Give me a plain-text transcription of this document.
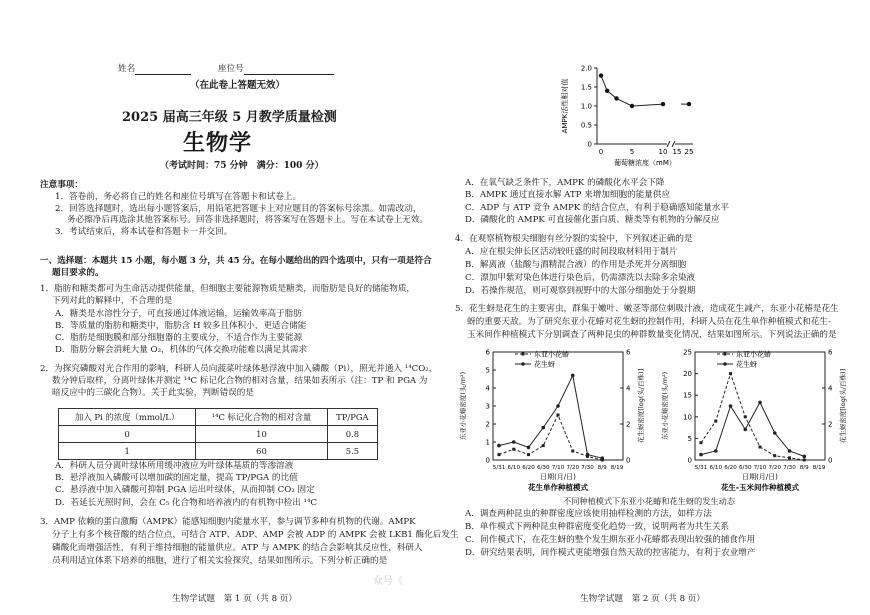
姓名	座位号
（在此卷上答题无效）
2025 届高三年级 5 月教学质量检测
生物学
（考试时间：75 分钟　满分：100 分）
注意事项：
1．答卷前，务必将自己的姓名和座位号填写在答题卡和试卷上。
2．回答选择题时，选出每小题答案后，用铅笔把答题卡上对应题目的答案标号涂黑。如需改动，
务必擦净后再选涂其他答案标号。回答非选择题时，将答案写在答题卡上。写在本试卷上无效。
3．考试结束后，将本试卷和答题卡一并交回。
一、选择题：本题共 15 小题，每小题 3 分，共 45 分。在每小题给出的四个选项中，只有一项是符合
题目要求的。
1．脂肪和糖类都可为生命活动提供能量，但细胞主要能源物质是糖类，而脂肪是良好的储能物质，
下列对此的解释中，不合理的是
A．糖类是水溶性分子，可直接通过体液运输，运输效率高于脂肪
B．等质量的脂肪和糖类中，脂肪含 H 较多且体积小，更适合储能
C．脂肪是细胞膜和部分细胞器的主要成分，不适合作为主要能源
D．脂肪分解会消耗大量 O₂，机体的气体交换功能难以满足其需求
2．为探究磷酸对光合作用的影响，科研人员向菠菜叶绿体悬浮液中加入磷酸（Pi），照光并通入 ¹⁴CO₂，
数分钟后取样，分离叶绿体并测定 ¹⁴C 标记化合物的相对含量，结果如表所示（注：TP 和 PGA 为
暗反应中的三碳化合物）。关于此实验，判断错误的是
加入 Pi 的浓度（mmol/L）	¹⁴C 标记化合物的相对含量	TP/PGA
0	10	0.8
1	60	5.5
A．科研人员分离叶绿体所用缓冲液应为叶绿体基质的等渗溶液
B．悬浮液加入磷酸可以增加碳的固定量，提高 TP/PGA 的比值
C．悬浮液中加入磷酸可抑制 PGA 运出叶绿体，从而抑制 CO₂ 固定
D．若延长光照时间，会在 C₅ 化合物和培养液内的有机物中检出 ¹⁴C
3．AMP 依赖的蛋白激酶（AMPK）能感知细胞内能量水平，参与调节多种有机物的代谢。AMPK
分子上有多个核苷酸的结合位点，可结合 ATP、ADP、AMP 会被 ADP 的 AMPK 会被 LKB1 酶化后发生
磷酸化而增强活性，有利于维持细胞的能量供应。ATP 与 AMPK 的结合会影响其反应性，科研人
员利用适宜体系下培养的细胞，进行了相关实验探究，结果如图所示。下列分析正确的是
生物学试题　第 1 页（共 8 页）
0
0.5
1.0
1.5
2.0
0	5	10 15 25
葡萄糖浓度（mM）
AMPK活性相对值
A．在氧气缺乏条件下，AMPK 的磷酸化水平会下降
B．AMPK 通过直接水解 ATP 来增加细胞的能量供应
C．ADP 与 ATP 竞争 AMPK 的结合位点，有利于稳确感知能量水平
D．磷酸化的 AMPK 可直接催化蛋白质、糖类等有机物的分解反应
4．在观察植物根尖细胞有丝分裂的实验中，下列叙述正确的是
A．应在根尖伸长区活动较旺盛的时间段取材料用于制片
B．解离液（盐酸与酒精混合液）的作用是杀死并分离细胞
C．漂加甲紫对染色体进行染色后，仍需漂洗以去除多余染液
D．若操作规范，则可观察到视野中的大部分细胞处于分裂期
5．花生蚜是花生的主要害虫，群集于嫩叶、嫩茎等部位刺吸汁液，造成花生减产，东亚小花椿是花生
蚜的重要天敌。为了研究东亚小花蝽对花生蚜的控制作用，科研人员在花生单作种植模式和花生-
玉米间作种植模式下分别调查了两种昆虫的种群数量变化情况，结果如图所示。下列说法正确的是
0
1
2
3
4
5
6
0
2
4
6
5/31 6/10 6/20 6/30 7/10 7/20 7/30 8/9 8/19
日期(月/日)
花生单作种植模式
东亚小花蝽密度(头/m²)	花生蚜密度[log(头/百株)]
东亚小花蝽
花生蚜
0
5
10
15
20
25
0
2
4
6
5/31 6/10 6/20 6/30 7/10 7/20 7/30 8/9 8/19
日期(月/日)
花生-玉米间作种植模式
东亚小花蝽密度(头/m²)	花生蚜密度[log(头/百株)]
东亚小花蝽
花生蚜
不同种植模式下东亚小花蝽和花生蚜的发生动态
A．调查两种昆虫的种群密度应该使用抽样检测的方法，如样方法
B．单作模式下两种昆虫种群密度变化趋势一致，说明两者为共生关系
C．间作模式下，在花生蚜的整个发生期东亚小花蝽都表现出较强的捕食作用
D．研究结果表明，间作模式更能增强自然天敌的控害能力，有利于农业增产
众号《
生物学试题　第 2 页（共 8 页）
